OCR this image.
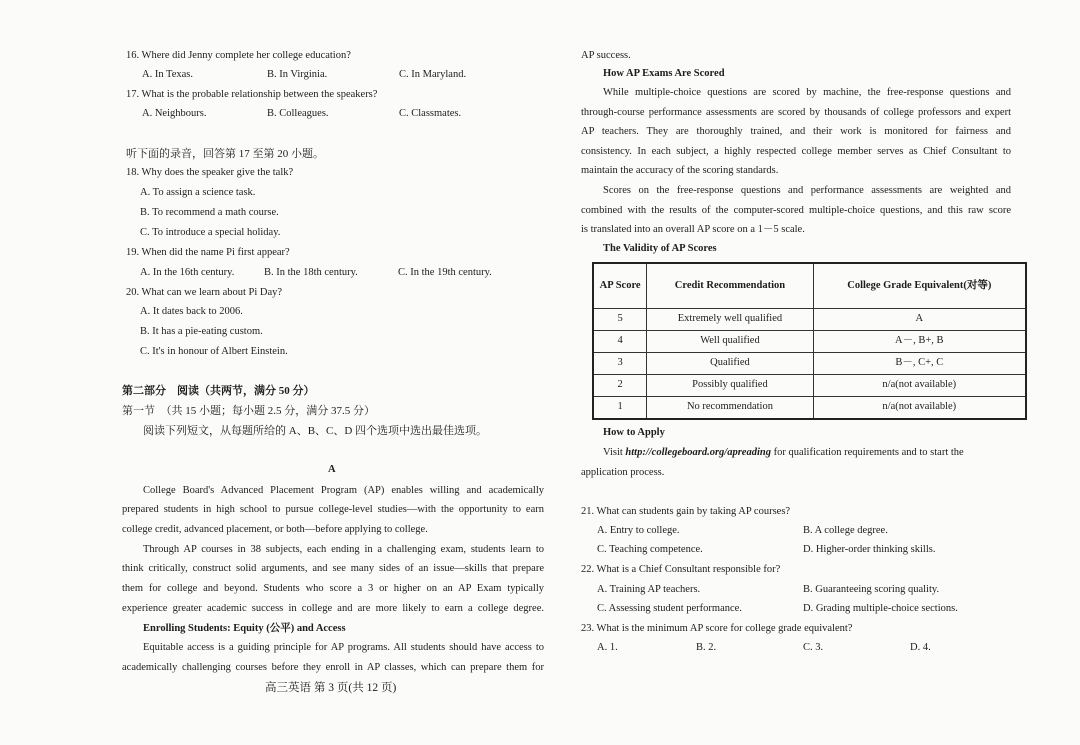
16. Where did Jenny complete her college education?
A. In Texas.	B. In Virginia.	C. In Maryland.
17. What is the probable relationship between the speakers?
A. Neighbours.	B. Colleagues.	C. Classmates.
听下面的录音，回答第 17 至第 20 小题。
18. Why does the speaker give the talk?
A. To assign a science task.
B. To recommend a math course.
C. To introduce a special holiday.
19. When did the name Pi first appear?
A. In the 16th century.	B. In the 18th century.	C. In the 19th century.
20. What can we learn about Pi Day?
A. It dates back to 2006.
B. It has a pie-eating custom.
C. It's in honour of Albert Einstein.
第二部分　阅读（共两节，满分 50 分）
第一节　（共 15 小题；每小题 2.5 分，满分 37.5 分）
阅读下列短文，从每题所给的 A、B、C、D 四个选项中选出最佳选项。
A
College Board's Advanced Placement Program (AP) enables willing and academically
prepared students in high school to pursue college-level studies—with the opportunity to earn
college credit, advanced placement, or both—before applying to college.
Through AP courses in 38 subjects, each ending in a challenging exam, students learn to
think critically, construct solid arguments, and see many sides of an issue—skills that prepare
them for college and beyond. Students who score a 3 or higher on an AP Exam typically
experience greater academic success in college and are more likely to earn a college degree.
Enrolling Students: Equity (公平) and Access
Equitable access is a guiding principle for AP programs. All students should have access to
academically challenging courses before they enroll in AP classes, which can prepare them for
AP success.
How AP Exams Are Scored
While multiple-choice questions are scored by machine, the free-response questions and
through-course performance assessments are scored by thousands of college professors and expert
AP teachers. They are thoroughly trained, and their work is monitored for fairness and
consistency. In each subject, a highly respected college member serves as Chief Consultant to
maintain the accuracy of the scoring standards.
Scores on the free-response questions and performance assessments are weighted and
combined with the results of the computer-scored multiple-choice questions, and this raw score
is translated into an overall AP score on a 1－5 scale.
The Validity of AP Scores
How to Apply
Visit http://collegeboard.org/apreading for qualification requirements and to start the
application process.
21. What can students gain by taking AP courses?
A. Entry to college.	B. A college degree.
C. Teaching competence.	D. Higher-order thinking skills.
22. What is a Chief Consultant responsible for?
A. Training AP teachers.	B. Guaranteeing scoring quality.
C. Assessing student performance.	D. Grading multiple-choice sections.
23. What is the minimum AP score for college grade equivalent?
A. 1.	B. 2.	C. 3.	D. 4.
AP Score	Credit Recommendation	College Grade Equivalent(对等)
5	Extremely well qualified	A
4	Well qualified	A－, B+, B
3	Qualified	B－, C+, C
2	Possibly qualified	n/a(not available)
1	No recommendation	n/a(not available)
高三英语 第 3 页(共 12 页)
